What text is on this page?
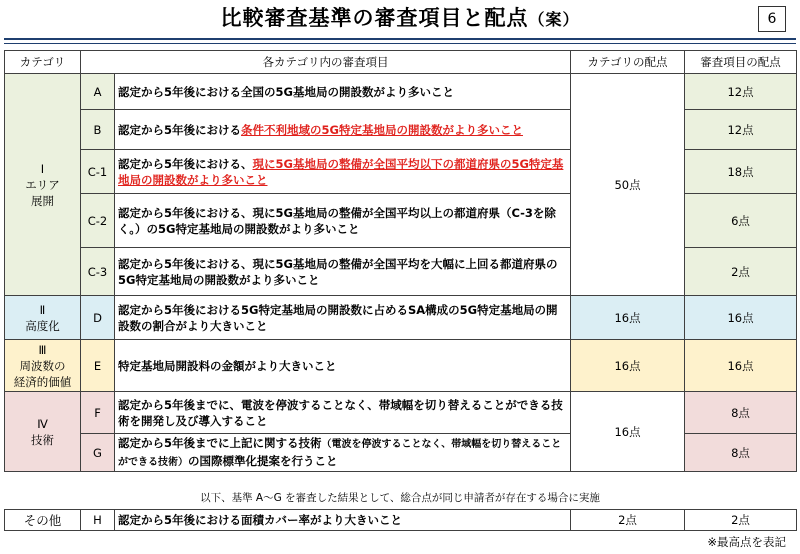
比較審査基準の審査項目と配点（案）	6
カテゴリ	各カテゴリ内の審査項目		カテゴリの配点	審査項目の配点
Ⅰ
エリア
展開	A	認定から5年後における全国の5G基地局の開設数がより多いこと	50点	12点
	B	認定から5年後における条件不利地域の5G特定基地局の開設数がより多いこと		12点
	C-1	認定から5年後における、現に5G基地局の整備が全国平均以下の都道府県の5G特定基地局の開設数がより多いこと		18点
	C-2	認定から5年後における、現に5G基地局の整備が全国平均以上の都道府県（C-3を除く。）の5G特定基地局の開設数がより多いこと		6点
	C-3	認定から5年後における、現に5G基地局の整備が全国平均を大幅に上回る都道府県の5G特定基地局の開設数がより多いこと		2点
Ⅱ
高度化	D	認定から5年後における5G特定基地局の開設数に占めるSA構成の5G特定基地局の開設数の割合がより大きいこと	16点	16点
Ⅲ
周波数の
経済的価値	E	特定基地局開設料の金額がより大きいこと	16点	16点
Ⅳ
技術	F	認定から5年後までに、電波を停波することなく、帯域幅を切り替えることができる技術を開発し及び導入すること	16点	8点
	G	認定から5年後までに上記に関する技術（電波を停波することなく、帯域幅を切り替えることができる技術）の国際標準化提案を行うこと		8点
以下、基準 A～G を審査した結果として、総合点が同じ申請者が存在する場合に実施
その他	H	認定から5年後における面積カバー率がより大きいこと	2点	2点
※最高点を表記
